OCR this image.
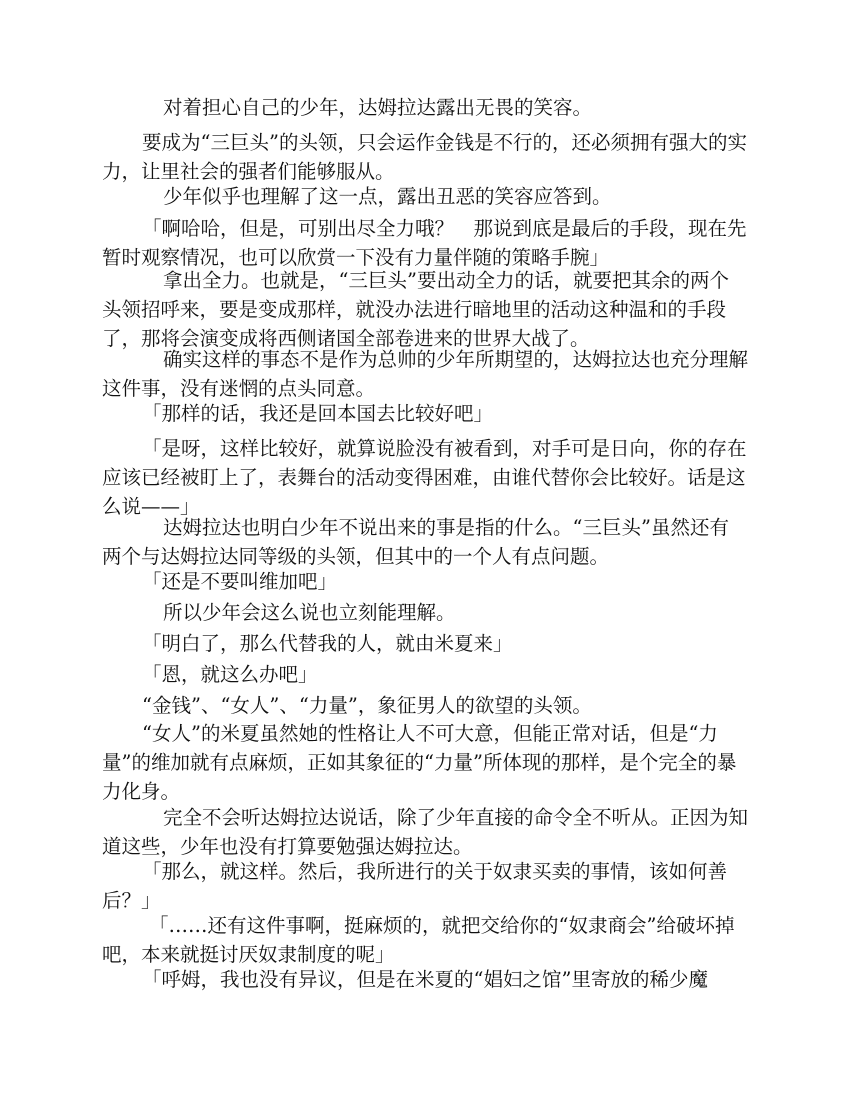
对着担心自己的少年，达姆拉达露出无畏的笑容。

要成为“三巨头”的头领，只会运作金钱是不行的，还必须拥有强大的实力，让里社会的强者们能够服从。

少年似乎也理解了这一点，露出丑恶的笑容应答到。

「啊哈哈，但是，可别出尽全力哦？　那说到底是最后的手段，现在先暂时观察情况，也可以欣赏一下没有力量伴随的策略手腕」

拿出全力。也就是，“三巨头”要出动全力的话，就要把其余的两个头领招呼来，要是变成那样，就没办法进行暗地里的活动这种温和的手段了，那将会演变成将西侧诸国全部卷进来的世界大战了。

确实这样的事态不是作为总帅的少年所期望的，达姆拉达也充分理解这件事，没有迷惘的点头同意。

「那样的话，我还是回本国去比较好吧」

「是呀，这样比较好，就算说脸没有被看到，对手可是日向，你的存在应该已经被盯上了，表舞台的活动变得困难，由谁代替你会比较好。话是这么说——」

达姆拉达也明白少年不说出来的事是指的什么。“三巨头”虽然还有两个与达姆拉达同等级的头领，但其中的一个人有点问题。

「还是不要叫维加吧」

所以少年会这么说也立刻能理解。

「明白了，那么代替我的人，就由米夏来」

「恩，就这么办吧」

“金钱”、“女人”、“力量”，象征男人的欲望的头领。

“女人”的米夏虽然她的性格让人不可大意，但能正常对话，但是“力量”的维加就有点麻烦，正如其象征的“力量”所体现的那样，是个完全的暴力化身。

完全不会听达姆拉达说话，除了少年直接的命令全不听从。正因为知道这些，少年也没有打算要勉强达姆拉达。

「那么，就这样。然后，我所进行的关于奴隶买卖的事情，该如何善后？」

「……还有这件事啊，挺麻烦的，就把交给你的“奴隶商会”给破坏掉吧，本来就挺讨厌奴隶制度的呢」

「呼姆，我也没有异议，但是在米夏的“娼妇之馆”里寄放的稀少魔
